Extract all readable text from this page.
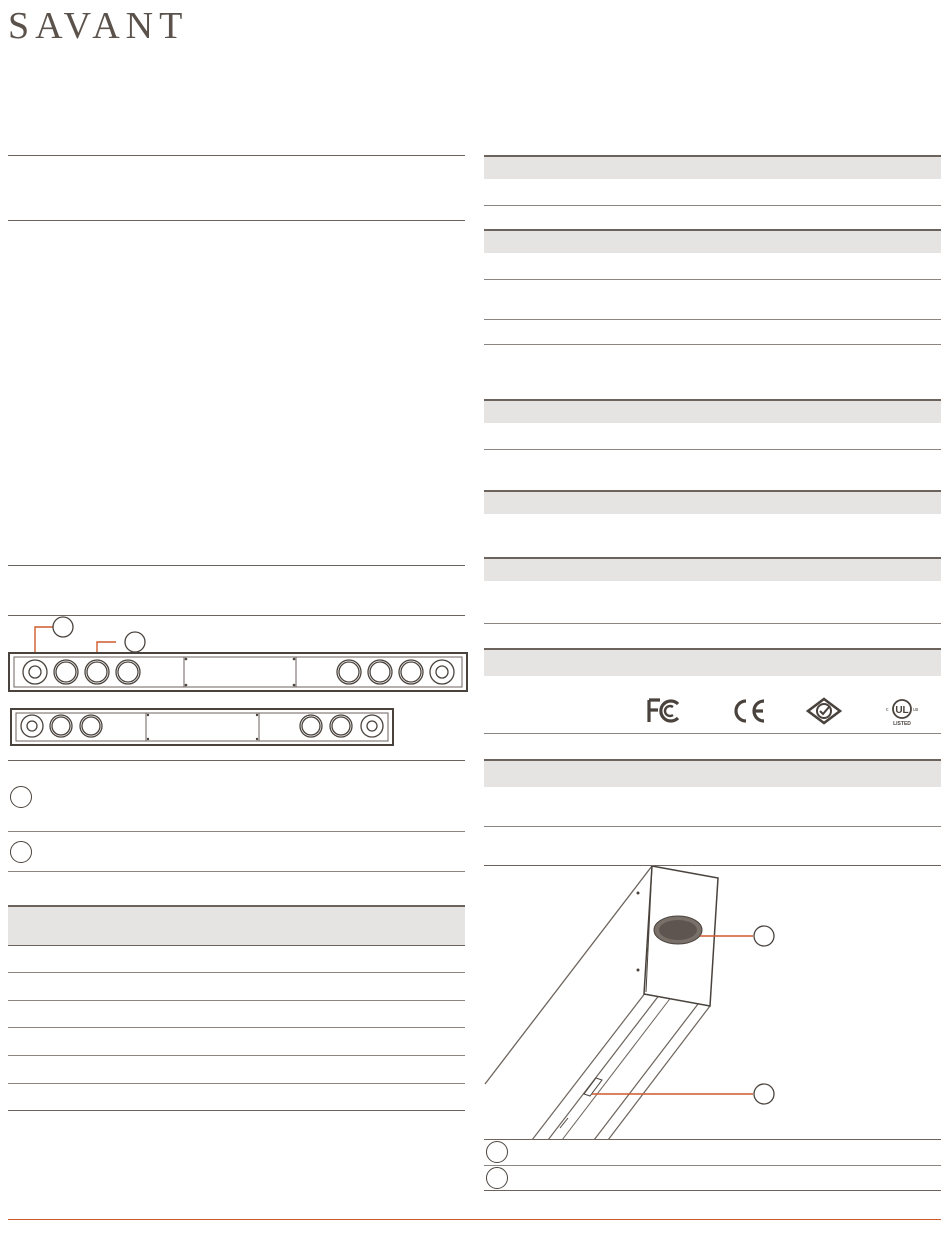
SAVANT
UL
c	us
LISTED
